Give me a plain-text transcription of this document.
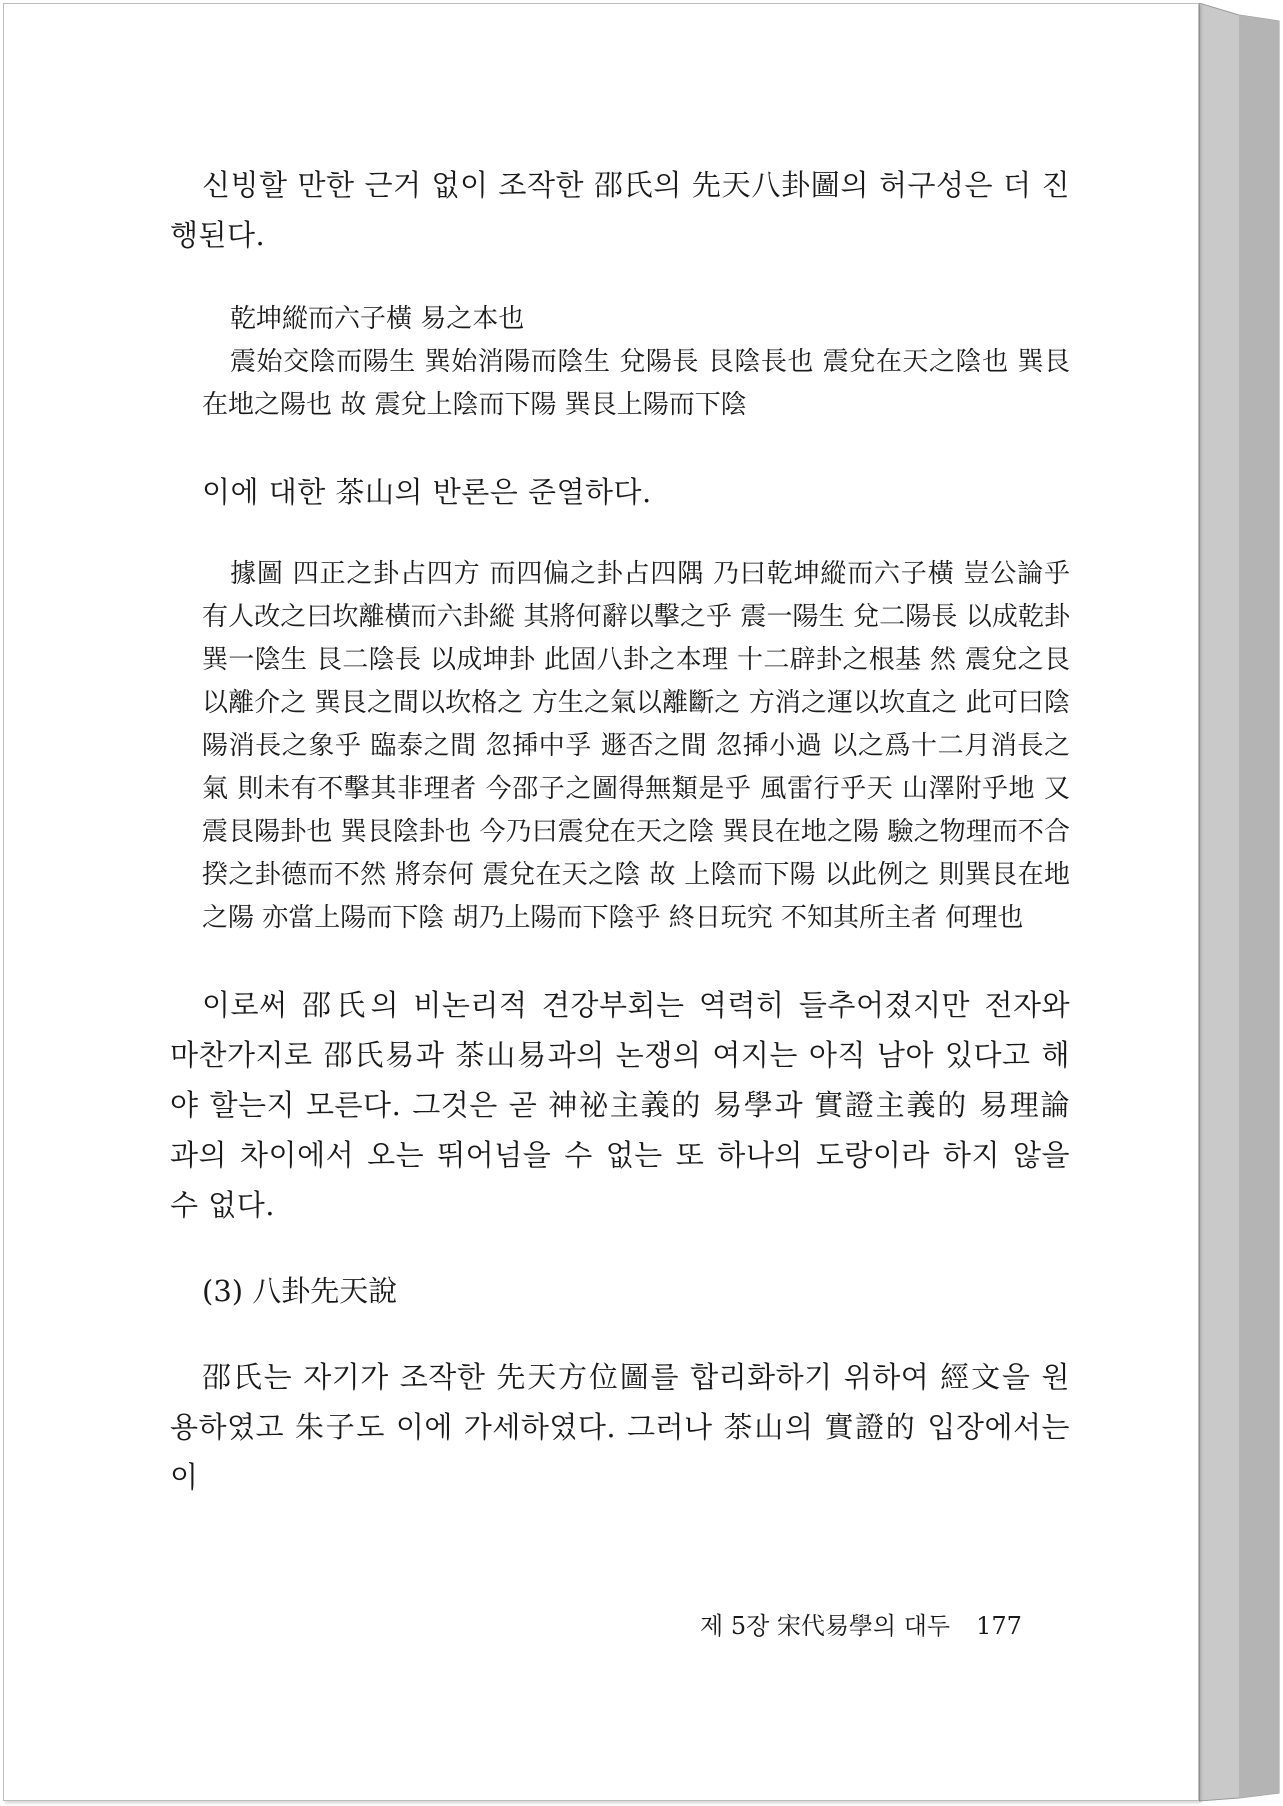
신빙할 만한 근거 없이 조작한 邵氏의 先天八卦圖의 허구성은 더 진행된다.

乾坤縱而六子橫 易之本也

震始交陰而陽生 巽始消陽而陰生 兌陽長 艮陰長也 震兌在天之陰也 巽艮在地之陽也 故 震兌上陰而下陽 巽艮上陽而下陰

이에 대한 茶山의 반론은 준열하다.

據圖 四正之卦占四方 而四偏之卦占四隅 乃曰乾坤縱而六子橫 豈公論乎 有人改之曰坎離橫而六卦縱 其將何辭以擊之乎 震一陽生 兌二陽長 以成乾卦 巽一陰生 艮二陰長 以成坤卦 此固八卦之本理 十二辟卦之根基 然 震兌之艮以離介之 巽艮之間以坎格之 方生之氣以離斷之 方消之運以坎直之 此可曰陰陽消長之象乎 臨泰之間 忽揷中孚 遯否之間 忽揷小過 以之爲十二月消長之氣 則未有不擊其非理者 今邵子之圖得無類是乎 風雷行乎天 山澤附乎地 又震艮陽卦也 巽艮陰卦也 今乃曰震兌在天之陰 巽艮在地之陽 驗之物理而不合揆之卦德而不然 將奈何 震兌在天之陰 故 上陰而下陽 以此例之 則巽艮在地之陽 亦當上陽而下陰 胡乃上陽而下陰乎 終日玩究 不知其所主者 何理也

이로써 邵氏의 비논리적 견강부회는 역력히 들추어졌지만 전자와 마찬가지로 邵氏易과 茶山易과의 논쟁의 여지는 아직 남아 있다고 해야 할는지 모른다. 그것은 곧 神祕主義的 易學과 實證主義的 易理論과의 차이에서 오는 뛰어넘을 수 없는 또 하나의 도랑이라 하지 않을 수 없다.

(3) 八卦先天說

邵氏는 자기가 조작한 先天方位圖를 합리화하기 위하여 經文을 원용하였고 朱子도 이에 가세하였다. 그러나 茶山의 實證的 입장에서는 이

제 5장 宋代易學의 대두 177
